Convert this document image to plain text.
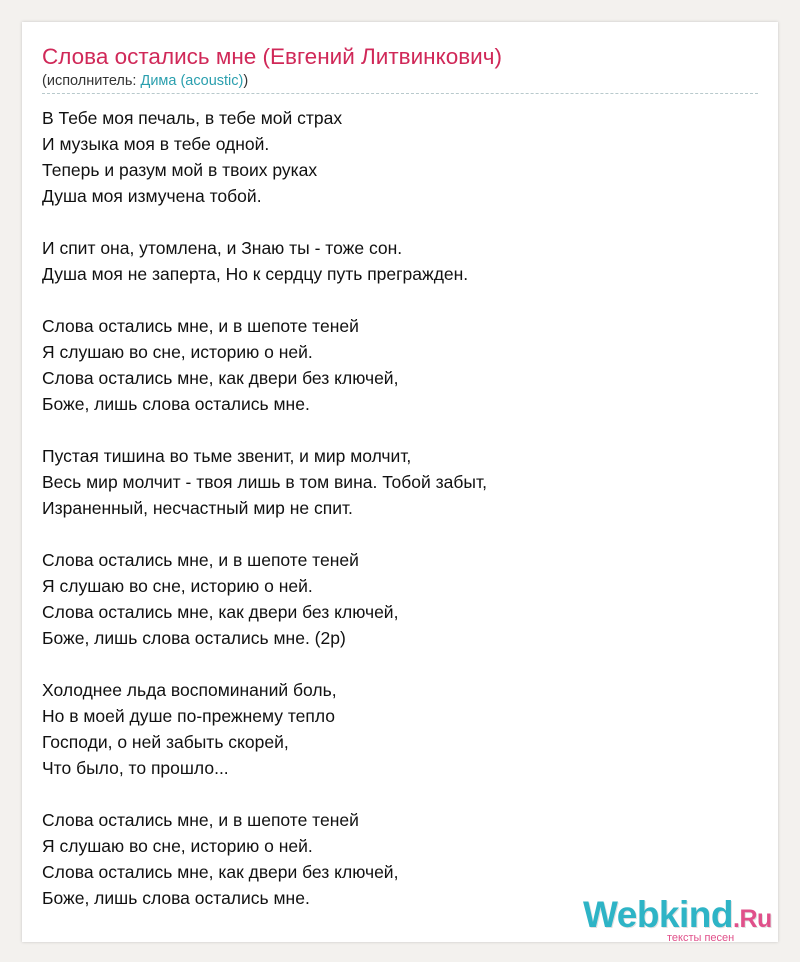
Слова остались мне (Евгений Литвинкович)
(исполнитель: Дима (acoustic))
В Тебе моя печаль, в тебе мой страх
И музыка моя в тебе одной.
Теперь и разум мой в твоих руках
Душа моя измучена тобой.
И спит она, утомлена, и Знаю ты - тоже сон.
Душа моя не заперта, Но к сердцу путь прегражден.
Слова остались мне, и в шепоте теней
Я слушаю во сне, историю о ней.
Слова остались мне, как двери без ключей,
Боже, лишь слова остались мне.
Пустая тишина во тьме звенит, и мир молчит,
Весь мир молчит - твоя лишь в том вина. Тобой забыт,
Израненный, несчастный мир не спит.
Слова остались мне, и в шепоте теней
Я слушаю во сне, историю о ней.
Слова остались мне, как двери без ключей,
Боже, лишь слова остались мне. (2р)
Холоднее льда воспоминаний боль,
Но в моей душе по-прежнему тепло
Господи, о ней забыть скорей,
Что было, то прошло...
Слова остались мне, и в шепоте теней
Я слушаю во сне, историю о ней.
Слова остались мне, как двери без ключей,
Боже, лишь слова остались мне.	Webkind.Ru
тексты песен
